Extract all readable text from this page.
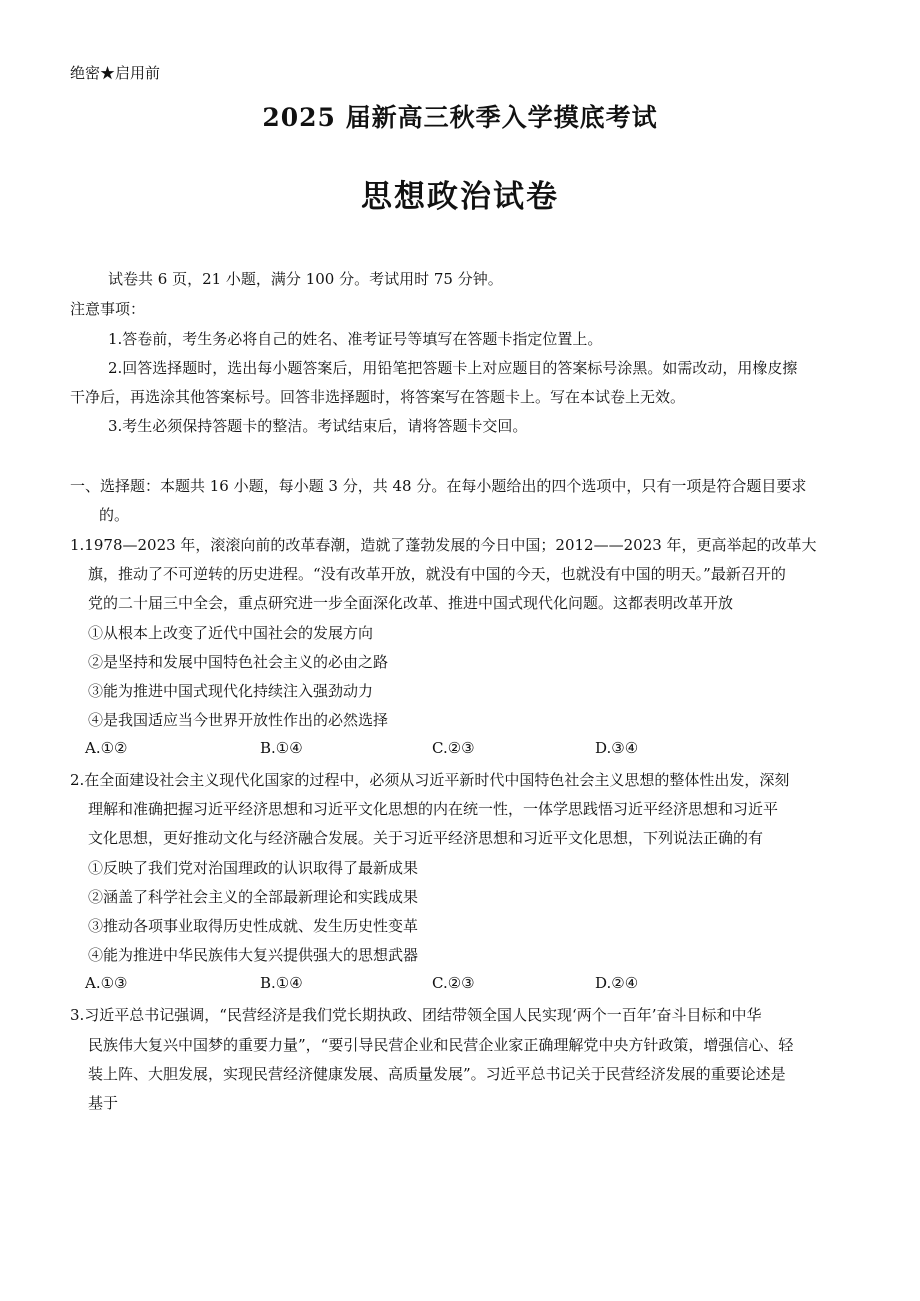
绝密★启用前
2025 届新高三秋季入学摸底考试
思想政治试卷
试卷共 6 页，21 小题，满分 100 分。考试用时 75 分钟。
注意事项：
1.答卷前，考生务必将自己的姓名、准考证号等填写在答题卡指定位置上。
2.回答选择题时，选出每小题答案后，用铅笔把答题卡上对应题目的答案标号涂黑。如需改动，用橡皮擦
干净后，再选涂其他答案标号。回答非选择题时，将答案写在答题卡上。写在本试卷上无效。
3.考生必须保持答题卡的整洁。考试结束后，请将答题卡交回。
一、选择题：本题共 16 小题，每小题 3 分，共 48 分。在每小题给出的四个选项中，只有一项是符合题目要求
的。
1.1978—2023 年，滚滚向前的改革春潮，造就了蓬勃发展的今日中国；2012——2023 年，更高举起的改革大
旗，推动了不可逆转的历史进程。“没有改革开放，就没有中国的今天，也就没有中国的明天。”最新召开的
党的二十届三中全会，重点研究进一步全面深化改革、推进中国式现代化问题。这都表明改革开放
①从根本上改变了近代中国社会的发展方向
②是坚持和发展中国特色社会主义的必由之路
③能为推进中国式现代化持续注入强劲动力
④是我国适应当今世界开放性作出的必然选择
A.①②	B.①④	C.②③	D.③④
2.在全面建设社会主义现代化国家的过程中，必须从习近平新时代中国特色社会主义思想的整体性出发，深刻
理解和准确把握习近平经济思想和习近平文化思想的内在统一性，一体学思践悟习近平经济思想和习近平
文化思想，更好推动文化与经济融合发展。关于习近平经济思想和习近平文化思想，下列说法正确的有
①反映了我们党对治国理政的认识取得了最新成果
②涵盖了科学社会主义的全部最新理论和实践成果
③推动各项事业取得历史性成就、发生历史性变革
④能为推进中华民族伟大复兴提供强大的思想武器
A.①③	B.①④	C.②③	D.②④
3.习近平总书记强调，“民营经济是我们党长期执政、团结带领全国人民实现‘两个一百年’奋斗目标和中华
民族伟大复兴中国梦的重要力量”，“要引导民营企业和民营企业家正确理解党中央方针政策，增强信心、轻
装上阵、大胆发展，实现民营经济健康发展、高质量发展”。习近平总书记关于民营经济发展的重要论述是
基于
